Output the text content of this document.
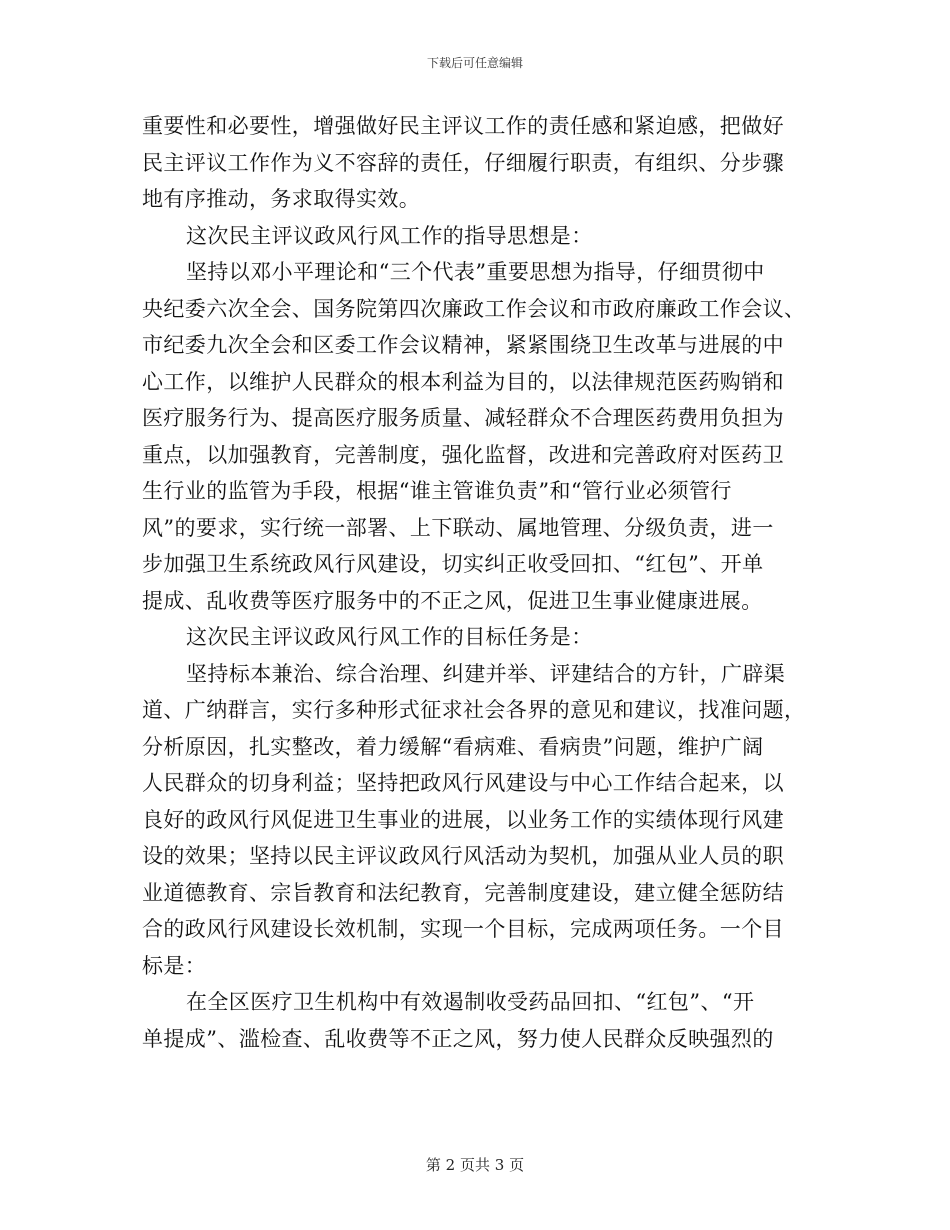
下载后可任意编辑
重要性和必要性，增强做好民主评议工作的责任感和紧迫感，把做好
民主评议工作作为义不容辞的责任，仔细履行职责，有组织、分步骤
地有序推动，务求取得实效。
这次民主评议政风行风工作的指导思想是：
坚持以邓小平理论和“三个代表”重要思想为指导，仔细贯彻中
央纪委六次全会、国务院第四次廉政工作会议和市政府廉政工作会议、
市纪委九次全会和区委工作会议精神，紧紧围绕卫生改革与进展的中
心工作，以维护人民群众的根本利益为目的，以法律规范医药购销和
医疗服务行为、提高医疗服务质量、减轻群众不合理医药费用负担为
重点，以加强教育，完善制度，强化监督，改进和完善政府对医药卫
生行业的监管为手段，根据“谁主管谁负责”和“管行业必须管行
风”的要求，实行统一部署、上下联动、属地管理、分级负责，进一
步加强卫生系统政风行风建设，切实纠正收受回扣、“红包”、开单
提成、乱收费等医疗服务中的不正之风，促进卫生事业健康进展。
这次民主评议政风行风工作的目标任务是：
坚持标本兼治、综合治理、纠建并举、评建结合的方针，广辟渠
道、广纳群言，实行多种形式征求社会各界的意见和建议，找准问题，
分析原因，扎实整改，着力缓解“看病难、看病贵”问题，维护广阔
人民群众的切身利益；坚持把政风行风建设与中心工作结合起来，以
良好的政风行风促进卫生事业的进展，以业务工作的实绩体现行风建
设的效果；坚持以民主评议政风行风活动为契机，加强从业人员的职
业道德教育、宗旨教育和法纪教育，完善制度建设，建立健全惩防结
合的政风行风建设长效机制，实现一个目标，完成两项任务。一个目
标是：
在全区医疗卫生机构中有效遏制收受药品回扣、“红包”、“开
单提成”、滥检查、乱收费等不正之风，努力使人民群众反映强烈的
第 2 页共 3 页
